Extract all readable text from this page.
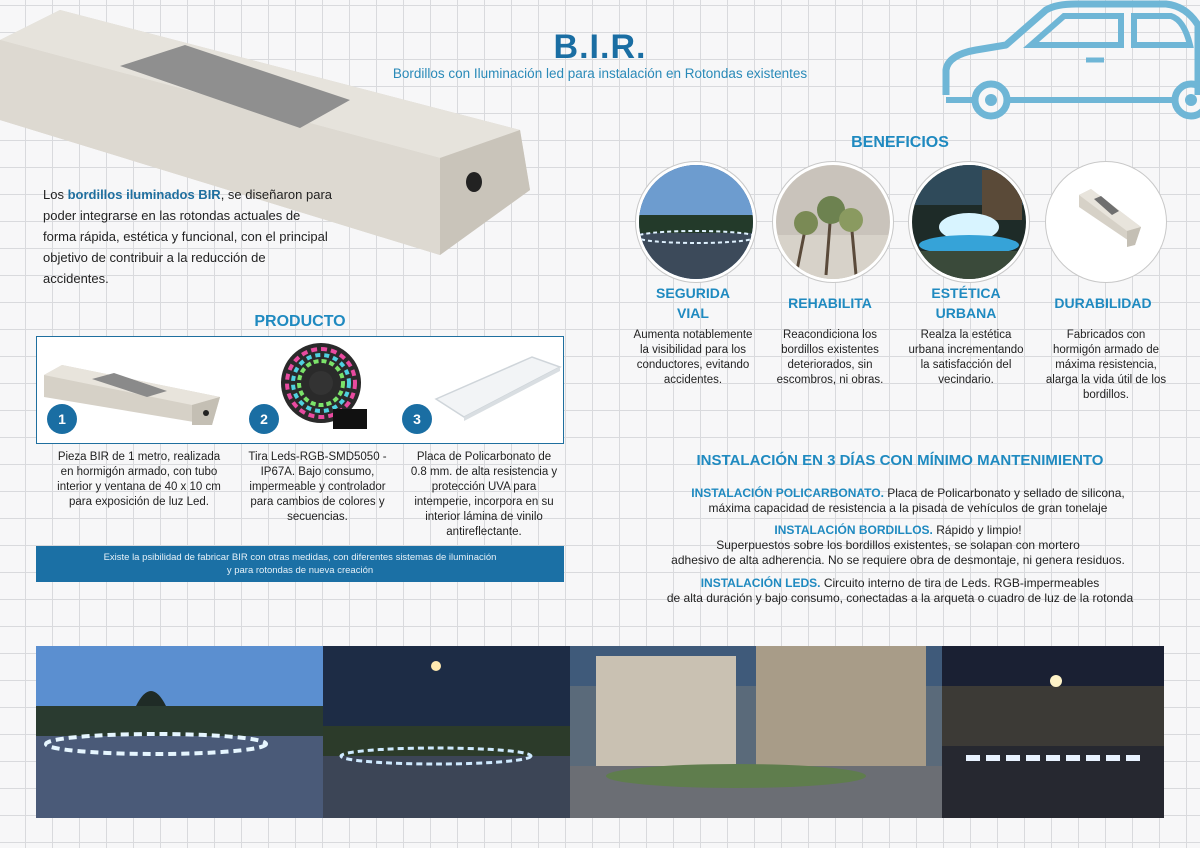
B.I.R.
Bordillos con Iluminación led para instalación en Rotondas existentes
Los bordillos iluminados BIR, se diseñaron para poder integrarse en las rotondas actuales de forma rápida, estética y funcional, con el principal objetivo de contribuir a la reducción de accidentes.
PRODUCTO
1	2	3
Pieza BIR de 1 metro, realizada en hormigón armado, con tubo interior y ventana de 40 x 10 cm para exposición de luz Led.
Tira Leds-RGB-SMD5050 - IP67A. Bajo consumo, impermeable y controlador para cambios de colores y secuencias.
Placa de Policarbonato de 0.8 mm. de alta resistencia y protección UVA para intemperie, incorpora en su interior lámina de vinilo antireflectante.
Existe la psibilidad de fabricar BIR con otras medidas, con diferentes sistemas de iluminación
y para rotondas de nueva creación
BENEFICIOS
SEGURIDA
VIAL
REHABILITA
ESTÉTICA
URBANA
DURABILIDAD
Aumenta notablemente la visibilidad para los conductores, evitando accidentes.
Reacondiciona los bordillos existentes deteriorados, sin escombros, ni obras.
Realza la estética urbana incrementando la satisfacción del vecindario.
Fabricados con hormigón armado de máxima resistencia, alarga la vida útil de los bordillos.
INSTALACIÓN EN 3 DÍAS CON MÍNIMO MANTENIMIENTO
INSTALACIÓN POLICARBONATO. Placa de Policarbonato y sellado de silicona,
máxima capacidad de resistencia a la pisada de vehículos de gran tonelaje
INSTALACIÓN BORDILLOS. Rápido y limpio!
Superpuestos sobre los bordillos existentes, se solapan con mortero
adhesivo de alta adherencia. No se requiere obra de desmontaje, ni genera residuos.
INSTALACIÓN LEDS. Circuito interno de tira de Leds. RGB-impermeables
de alta duración y bajo consumo, conectadas a la arqueta o cuadro de luz de la rotonda
